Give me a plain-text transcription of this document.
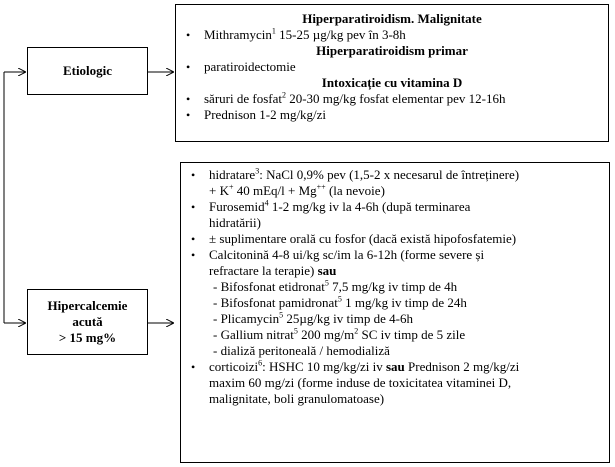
Etiologic
Hiperparatiroidism. Malignitate
• Mithramycin$^1$ 15-25 µg/kg pev în 3-8h
Hiperparatiroidism primar
• paratiroidectomie
Intoxicație cu vitamina D
• săruri de fosfat$^2$ 20-30 mg/kg fosfat elementar pev 12-16h
• Prednison 1-2 mg/kg/zi
Hipercalcemie
acută
> 15 mg%
• hidratare$^3$: NaCl 0,9% pev (1,5-2 x necesarul de întreținere)
+ K+ 40 mEq/l + Mg++ (la nevoie)
• Furosemid$^4$ 1-2 mg/kg iv la 4-6h (după terminarea
hidratării)
• ± suplimentare orală cu fosfor (dacă există hipofosfatemie)
• Calcitonină 4-8 ui/kg sc/im la 6-12h (forme severe și
refractare la terapie) sau
- Bifosfonat etidronat$^5$ 7,5 mg/kg iv timp de 4h
- Bifosfonat pamidronat$^5$ 1 mg/kg iv timp de 24h
- Plicamycin$^5$ 25µg/kg iv timp de 4-6h
- Gallium nitrat$^5$ 200 $mg/m^2$ SC iv timp de 5 zile
- dializă peritoneală / hemodializă
• corticoizi$^6$: HSHC 10 mg/kg/zi iv sau Prednison 2 mg/kg/zi
maxim 60 mg/zi (forme induse de toxicitatea vitaminei D,
malignitate, boli granulomatoase)
